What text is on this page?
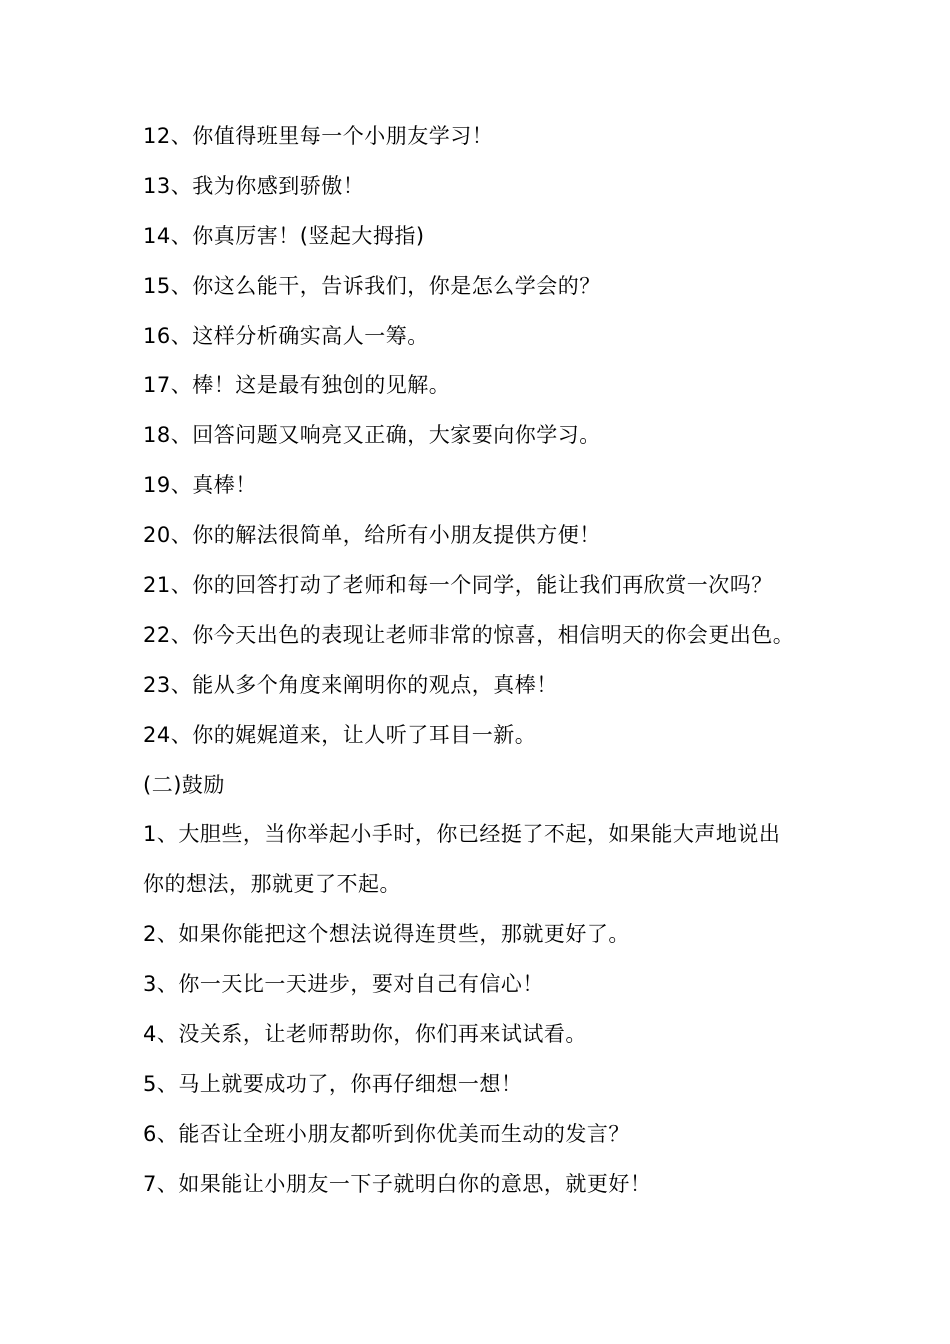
12、你值得班里每一个小朋友学习！
13、我为你感到骄傲！
14、你真厉害！(竖起大拇指)
15、你这么能干，告诉我们，你是怎么学会的？
16、这样分析确实高人一筹。
17、棒！这是最有独创的见解。
18、回答问题又响亮又正确，大家要向你学习。
19、真棒！
20、你的解法很简单，给所有小朋友提供方便！
21、你的回答打动了老师和每一个同学，能让我们再欣赏一次吗？
22、你今天出色的表现让老师非常的惊喜，相信明天的你会更出色。
23、能从多个角度来阐明你的观点，真棒！
24、你的娓娓道来，让人听了耳目一新。
(二)鼓励
1、大胆些，当你举起小手时，你已经挺了不起，如果能大声地说出
你的想法，那就更了不起。
2、如果你能把这个想法说得连贯些，那就更好了。
3、你一天比一天进步，要对自己有信心！
4、没关系，让老师帮助你，你们再来试试看。
5、马上就要成功了，你再仔细想一想！
6、能否让全班小朋友都听到你优美而生动的发言？
7、如果能让小朋友一下子就明白你的意思，就更好！
